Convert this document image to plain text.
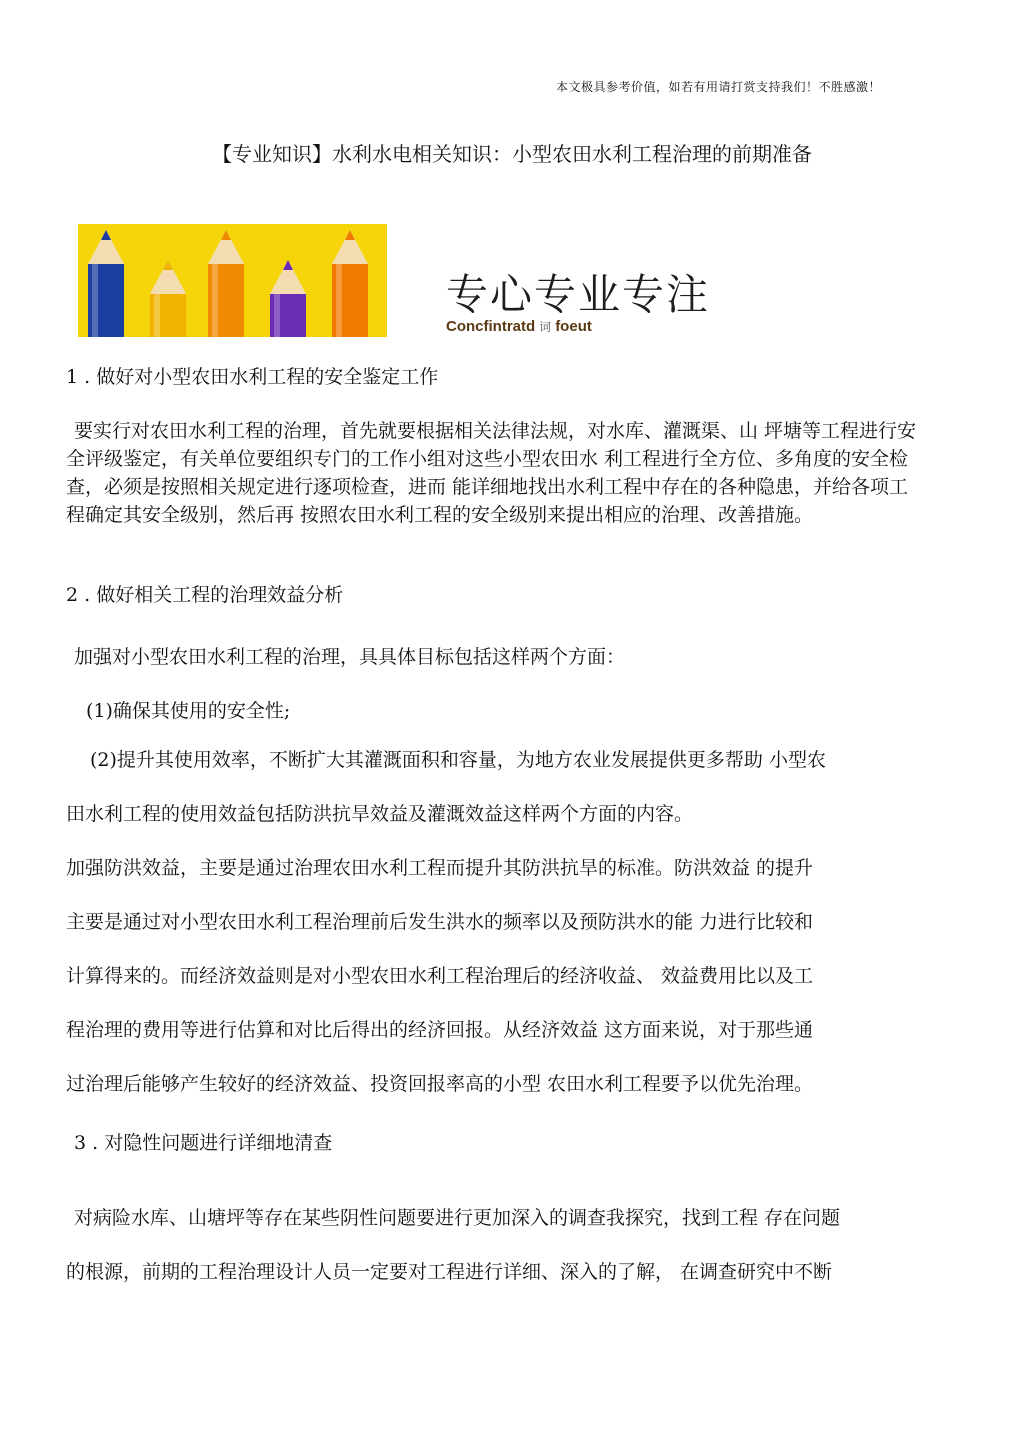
本文极具参考价值，如若有用请打赏支持我们！不胜感激！
【专业知识】水利水电相关知识：小型农田水利工程治理的前期准备
专心专业专注
Concfintratd 词 foeut
1 . 做好对小型农田水利工程的安全鉴定工作
要实行对农田水利工程的治理，首先就要根据相关法律法规，对水库、灌溉渠、山 坪塘等工程进行安全评级鉴定，有关单位要组织专门的工作小组对这些小型农田水 利工程进行全方位、多角度的安全检查，必须是按照相关规定进行逐项检查，进而 能详细地找出水利工程中存在的各种隐患，并给各项工程确定其安全级别，然后再 按照农田水利工程的安全级别来提出相应的治理、改善措施。
2 . 做好相关工程的治理效益分析
加强对小型农田水利工程的治理，具具体目标包括这样两个方面：
(1)确保其使用的安全性;
(2)提升其使用效率，不断扩大其灌溉面积和容量，为地方农业发展提供更多帮助 小型农
田水利工程的使用效益包括防洪抗旱效益及灌溉效益这样两个方面的内容。
加强防洪效益，主要是通过治理农田水利工程而提升其防洪抗旱的标准。防洪效益 的提升
主要是通过对小型农田水利工程治理前后发生洪水的频率以及预防洪水的能 力进行比较和
计算得来的。而经济效益则是对小型农田水利工程治理后的经济收益、 效益费用比以及工
程治理的费用等进行估算和对比后得出的经济回报。从经济效益 这方面来说，对于那些通
过治理后能够产生较好的经济效益、投资回报率高的小型 农田水利工程要予以优先治理。
3 . 对隐性问题进行详细地清查
对病险水库、山塘坪等存在某些阴性问题要进行更加深入的调查我探究，找到工程 存在问题
的根源，前期的工程治理设计人员一定要对工程进行详细、深入的了解， 在调查研究中不断
